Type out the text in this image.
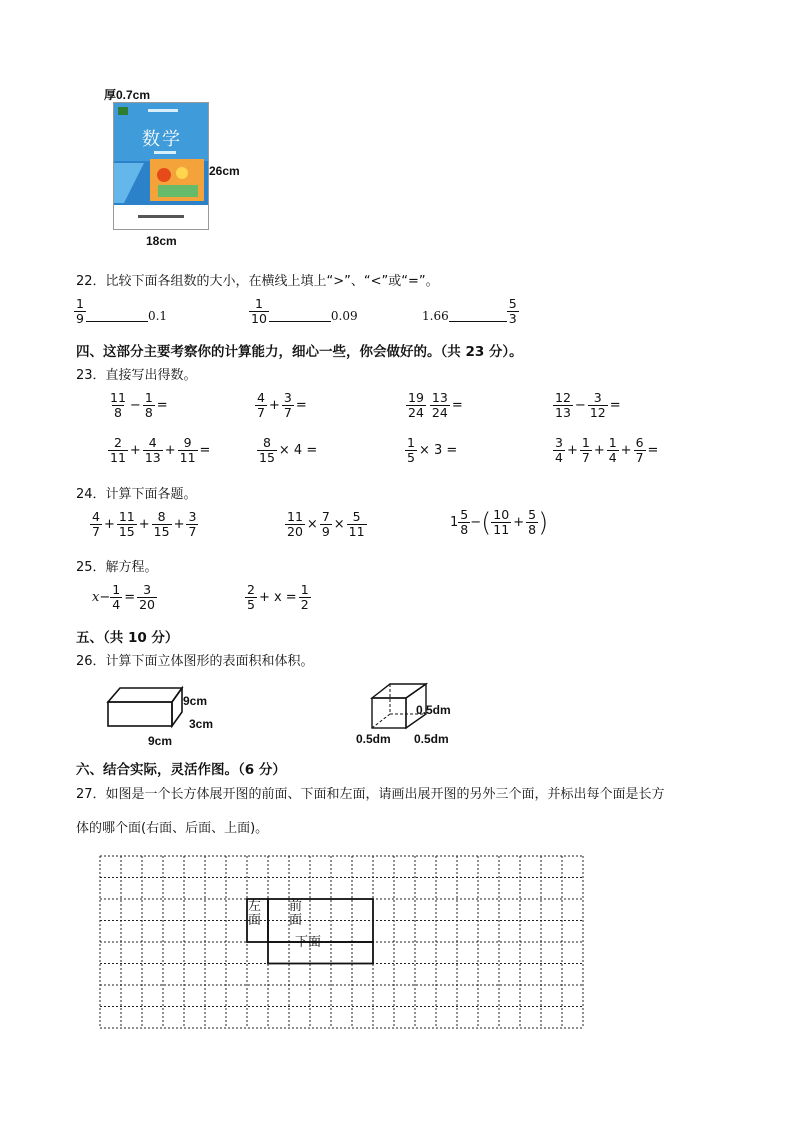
厚0.7cm
数学
26cm
18cm
22．比较下面各组数的大小，在横线上填上“>”、“<”或“=”。
$\frac{1}{9}$	0.1	$\frac{1}{10}$	0.09	1.66	$\frac{5}{3}$
四、这部分主要考察你的计算能力，细心一些，你会做好的。（共 23 分）。
23．直接写出得数。
$\frac{11}{8} - \frac{1}{8}$ =	$\frac{4}{7} + \frac{3}{7}$ =	$\frac{19}{24} \frac{13}{24}$ =	$\frac{12}{13} - \frac{3}{12}$ =
$\frac{2}{11} + \frac{4}{13} + \frac{9}{11}$ =	$\frac{8}{15} \times 4$ =	$\frac{1}{5} \times 3$ =	$\frac{3}{4} + \frac{1}{7} + \frac{1}{4} + \frac{6}{7}$ =
24．计算下面各题。
$\frac{4}{7} + \frac{11}{15} + \frac{8}{15} + \frac{3}{7}$	$\frac{11}{20} \times \frac{7}{9} \times \frac{5}{11}$	$1 \frac{5}{8}$ − ( $\frac{10}{11} + \frac{5}{8}$ )
25．解方程。
$x - \frac{1}{4} = \frac{3}{20}$	$\frac{2}{5} + x = \frac{1}{2}$
五、（共 10 分）
26．计算下面立体图形的表面积和体积。
9cm
3cm
9cm
0.5dm
0.5dm 0.5dm
六、结合实际，灵活作图。（6 分）
27．如图是一个长方体展开图的前面、下面和左面，请画出展开图的另外三个面，并标出每个面是长方
体的哪个面(右面、后面、上面)。
左
面
前
面
下面
